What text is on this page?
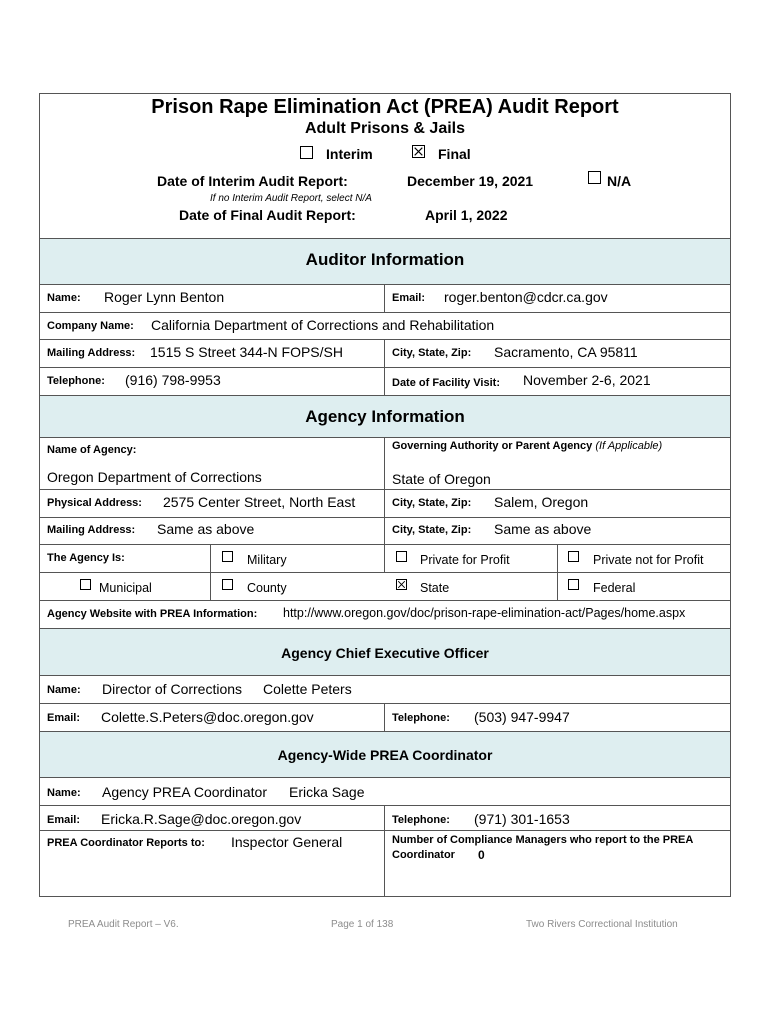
Prison Rape Elimination Act (PREA) Audit Report
Adult Prisons & Jails
Interim	Final
Date of Interim Audit Report:	December 19, 2021	N/A
If no Interim Audit Report, select N/A
Date of Final Audit Report:	April 1, 2022
Auditor Information
Name: Roger Lynn Benton	Email: roger.benton@cdcr.ca.gov
Company Name: California Department of Corrections and Rehabilitation
Mailing Address: 1515 S Street 344-N FOPS/SH	City, State, Zip: Sacramento, CA 95811
Telephone: (916) 798-9953	Date of Facility Visit: November 2-6, 2021
Agency Information
Name of Agency:
Oregon Department of Corrections
Governing Authority or Parent Agency (If Applicable)
State of Oregon
Physical Address: 2575 Center Street, North East	City, State, Zip: Salem, Oregon
Mailing Address: Same as above	City, State, Zip: Same as above
The Agency Is:	Military	Private for Profit	Private not for Profit
Municipal	County	State	Federal
Agency Website with PREA Information: http://www.oregon.gov/doc/prison-rape-elimination-act/Pages/home.aspx
Agency Chief Executive Officer
Name: Director of Corrections Colette Peters
Email: Colette.S.Peters@doc.oregon.gov	Telephone: (503) 947-9947
Agency-Wide PREA Coordinator
Name: Agency PREA Coordinator Ericka Sage
Email: Ericka.R.Sage@doc.oregon.gov	Telephone: (971) 301-1653
PREA Coordinator Reports to: Inspector General	Number of Compliance Managers who report to the PREA
Coordinator 0
PREA Audit Report – V6.	Page 1 of 138	Two Rivers Correctional Institution
